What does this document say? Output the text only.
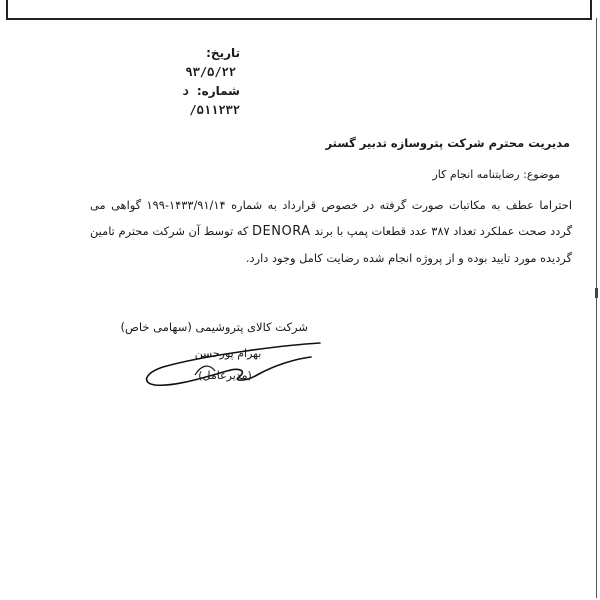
تاریخ: ۹۳/۵/۲۲
شماره: د ۵۱۱۲۳۲/
مدیریت محترم شرکت پتروسازه تدبیر گستر
موضوع: رضایتنامه انجام کار
احتراما عطف به مکاتبات صورت گرفته در خصوص قرارداد به شماره ۱۴۳۳/۹۱/۱۴-۱۹۹ گواهی می گردد صحت عملکرد تعداد ۳۸۷ عدد قطعات پمپ با برند DENORA که توسط آن شرکت محترم تامین گردیده مورد تایید بوده و از پروژه انجام شده رضایت کامل وجود دارد.
شرکت کالای پتروشیمی (سهامی خاص)
بهرام پورحسن
(مدیرعامل)
